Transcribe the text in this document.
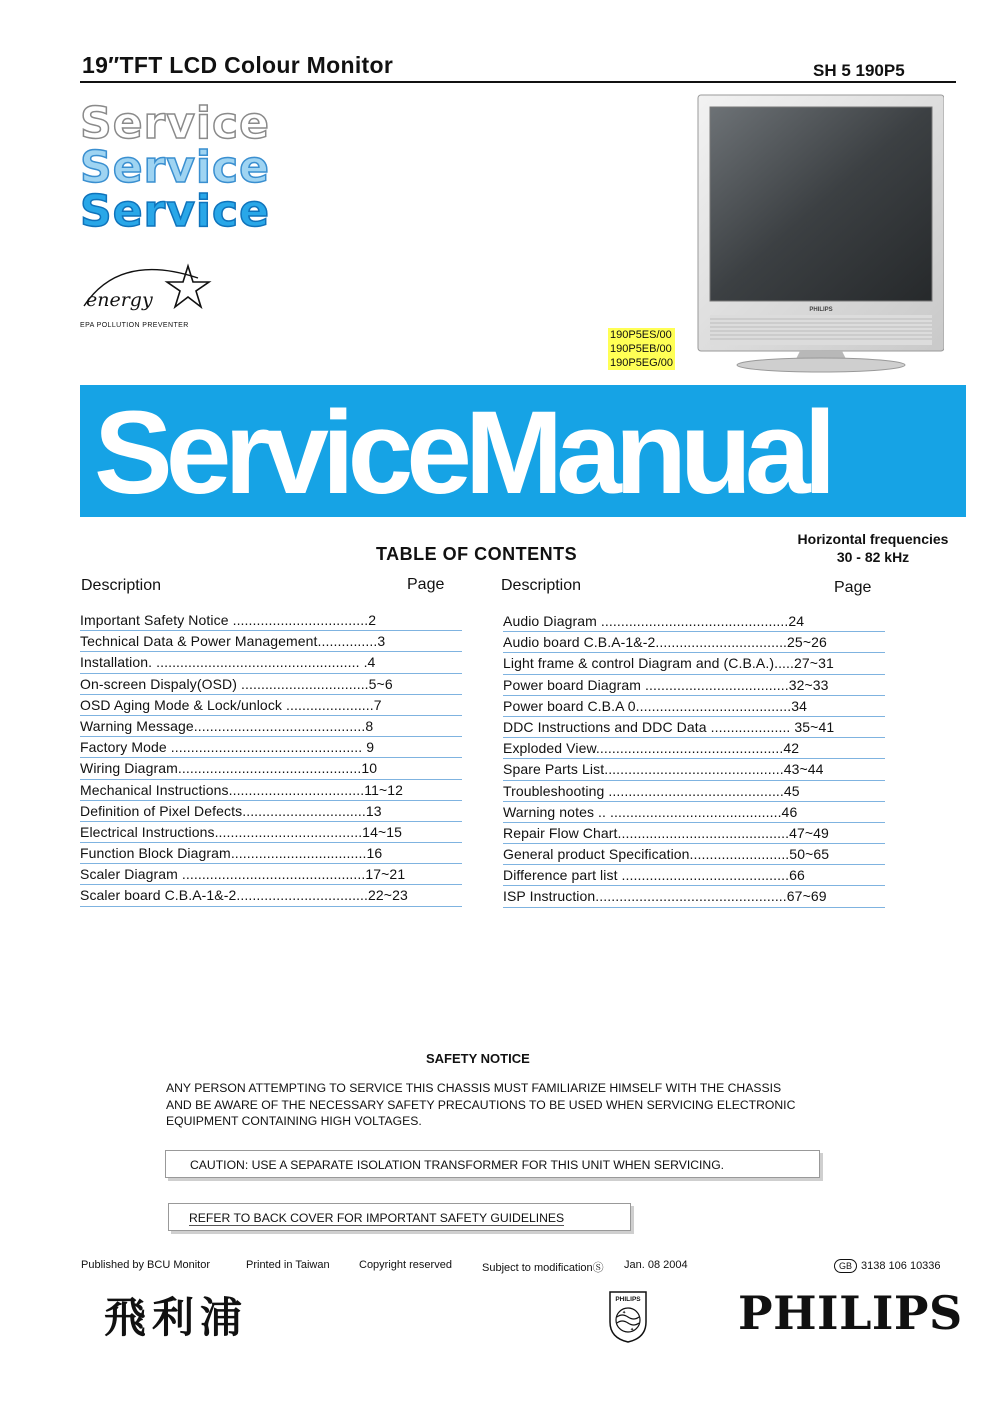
19″TFT LCD Colour Monitor	SH 5 190P5
Service
Service
Service
energy
EPA POLLUTION PREVENTER
PHILIPS
190P5ES/00
190P5EB/00
190P5EG/00
ServiceManual
Horizontal frequencies
30 - 82 kHz
TABLE OF CONTENTS
Description	Page	Description	Page
Important Safety Notice ..................................2
Technical Data & Power Management...............3
Installation. ................................................... .4
On-screen Dispaly(OSD) ................................5~6
OSD Aging Mode & Lock/unlock ......................7
Warning Message...........................................8
Factory Mode ................................................ 9
Wiring Diagram..............................................10
Mechanical Instructions..................................11~12
Definition of Pixel Defects...............................13
Electrical Instructions.....................................14~15
Function Block Diagram..................................16
Scaler Diagram ..............................................17~21
Scaler board C.B.A-1&-2.................................22~23
Audio Diagram ...............................................24
Audio board C.B.A-1&-2.................................25~26
Light frame & control Diagram and (C.B.A.).....27~31
Power board Diagram ....................................32~33
Power board C.B.A 0.......................................34
DDC Instructions and DDC Data .................... 35~41
Exploded View...............................................42
Spare Parts List.............................................43~44
Troubleshooting ............................................45
Warning notes .. ...........................................46
Repair Flow Chart...........................................47~49
General product Specification.........................50~65
Difference part list ..........................................66
ISP Instruction................................................67~69
SAFETY NOTICE
ANY PERSON ATTEMPTING TO SERVICE THIS CHASSIS MUST FAMILIARIZE HIMSELF WITH THE CHASSIS
AND BE AWARE OF THE NECESSARY SAFETY PRECAUTIONS TO BE USED WHEN SERVICING ELECTRONIC
EQUIPMENT CONTAINING HIGH VOLTAGES.
CAUTION: USE A SEPARATE ISOLATION TRANSFORMER FOR THIS UNIT WHEN SERVICING.
REFER TO BACK COVER FOR IMPORTANT SAFETY GUIDELINES
Published by BCU Monitor	Printed in Taiwan	Copyright reserved	Subject to modificationⓈ Jan. 08 2004	GB 3138 106 10336
飛利浦	PHILIPS
✦
✦ PHILIPS
